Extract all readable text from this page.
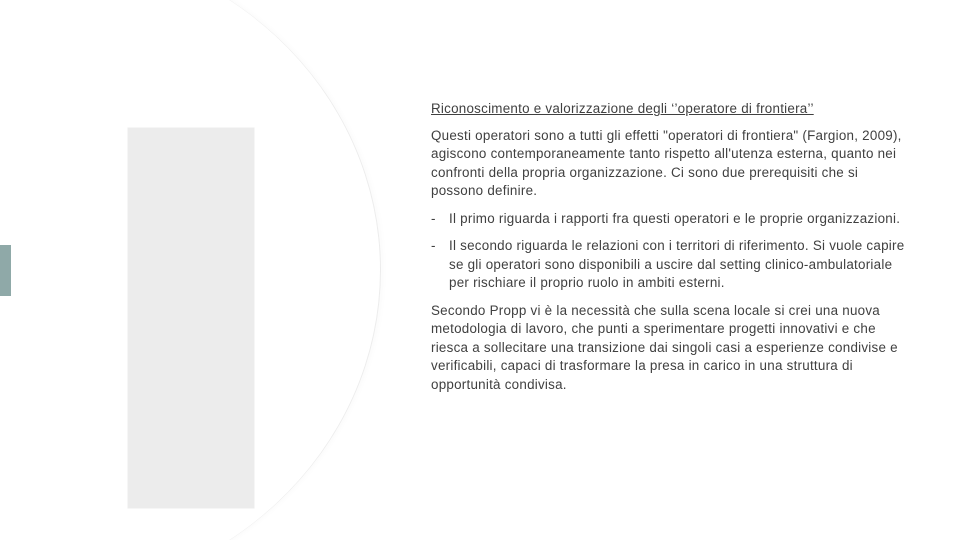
Riconoscimento e valorizzazione degli ‘’operatore di frontiera’’

Questi operatori sono a tutti gli effetti "operatori di frontiera" (Fargion, 2009), agiscono contemporaneamente tanto rispetto all'utenza esterna, quanto nei confronti della propria organizzazione. Ci sono due prerequisiti che si possono definire.

- Il primo riguarda i rapporti fra questi operatori e le proprie organizzazioni.
- Il secondo riguarda le relazioni con i territori di riferimento. Si vuole capire se gli operatori sono disponibili a uscire dal setting clinico-ambulatoriale per rischiare il proprio ruolo in ambiti esterni.

Secondo Propp vi è la necessità che sulla scena locale si crei una nuova metodologia di lavoro, che punti a sperimentare progetti innovativi e che riesca a sollecitare una transizione dai singoli casi a esperienze condivise e verificabili, capaci di trasformare la presa in carico in una struttura di opportunità condivisa.
